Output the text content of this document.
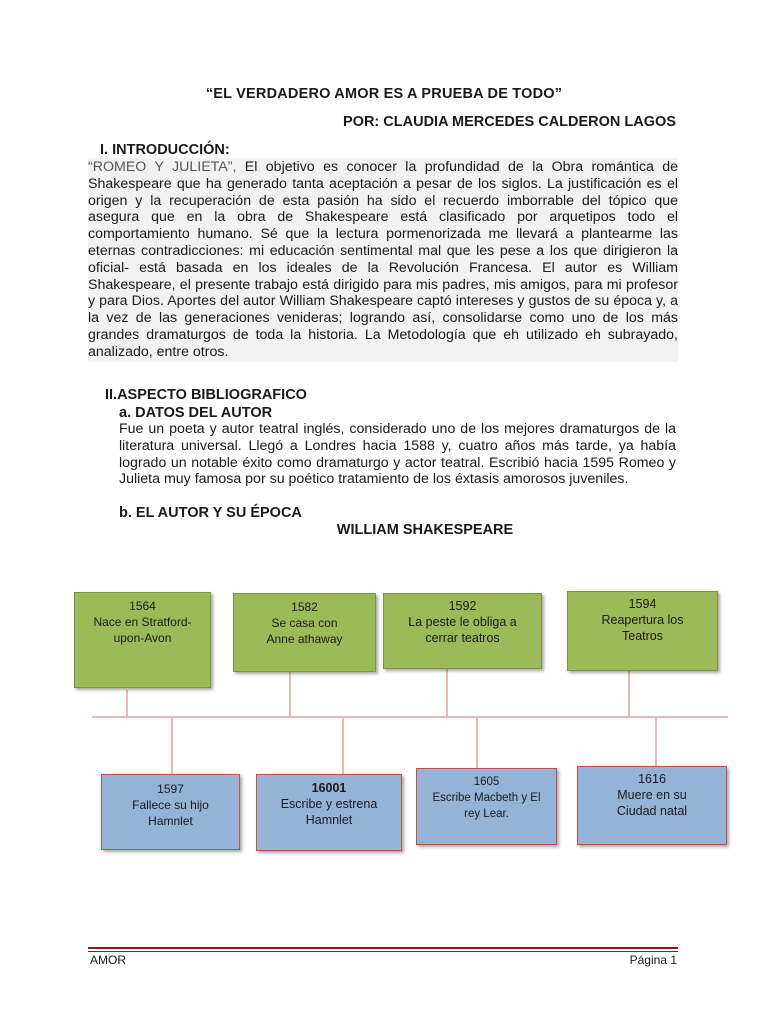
“EL VERDADERO AMOR ES A PRUEBA DE TODO”
POR: CLAUDIA MERCEDES CALDERON LAGOS
I. INTRODUCCIÓN:
“ROMEO Y JULIETA”, El objetivo es conocer la profundidad de la Obra romántica de Shakespeare que ha generado tanta aceptación a pesar de los siglos. La justificación es el origen y la recuperación de esta pasión ha sido el recuerdo imborrable del tópico que asegura que en la obra de Shakespeare está clasificado por arquetipos todo el comportamiento humano. Sé que la lectura pormenorizada me llevará a plantearme las eternas contradicciones: mi educación sentimental mal que les pese a los que dirigieron la oficial- está basada en los ideales de la Revolución Francesa. El autor es William Shakespeare, el presente trabajo está dirigido para mis padres, mis amigos, para mi profesor y para Dios. Aportes del autor William Shakespeare captó intereses y gustos de su época y, a la vez de las generaciones venideras; logrando así, consolidarse como uno de los más grandes dramaturgos de toda la historia. La Metodología que eh utilizado eh subrayado, analizado, entre otros.
II.ASPECTO BIBLIOGRAFICO
a. DATOS DEL AUTOR
Fue un poeta y autor teatral inglés, considerado uno de los mejores dramaturgos de la literatura universal. Llegó a Londres hacia 1588 y, cuatro años más tarde, ya había logrado un notable éxito como dramaturgo y actor teatral. Escribió hacia 1595 Romeo y Julieta muy famosa por su poético tratamiento de los éxtasis amorosos juveniles.
b. EL AUTOR Y SU ÉPOCA
WILLIAM SHAKESPEARE
1564
Nace en Stratford-upon-Avon
1582
Se casa con Anne athaway
1592
La peste le obliga a cerrar teatros
1594
Reapertura los Teatros
1597
Fallece su hijo Hamnlet
16001
Escribe y estrena Hamnlet
1605
Escribe Macbeth y El rey Lear.
1616
Muere en su Ciudad natal
AMOR	Página 1
